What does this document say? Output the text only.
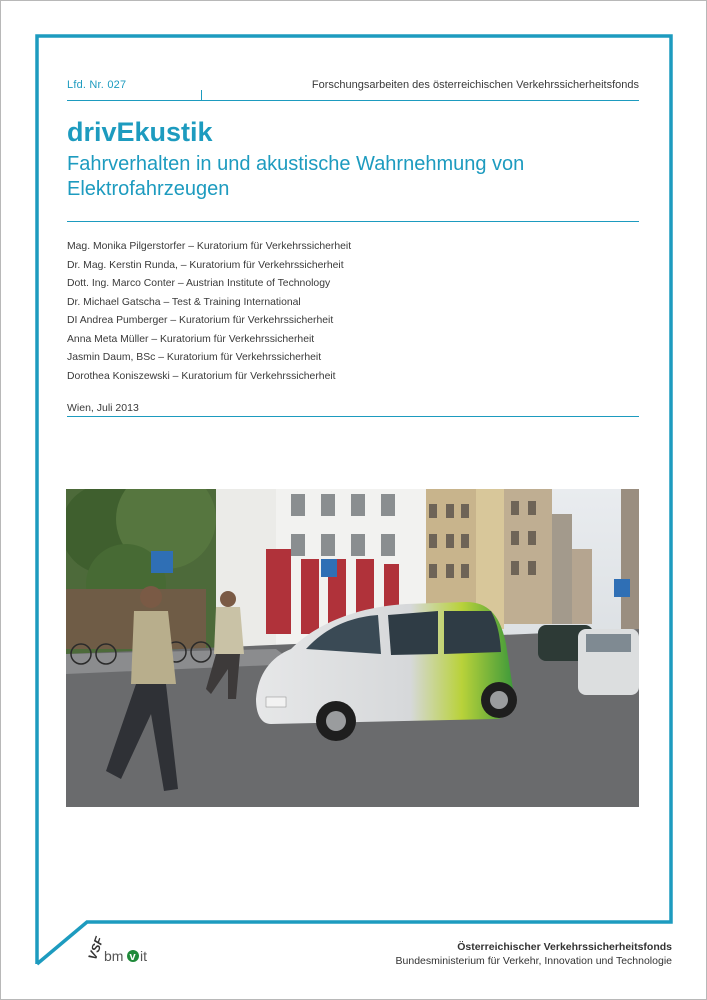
Lfd. Nr. 027	Forschungsarbeiten des österreichischen Verkehrssicherheitsfonds
drivEkustik
Fahrverhalten in und akustische Wahrnehmung von Elektrofahrzeugen
Mag. Monika Pilgerstorfer – Kuratorium für Verkehrssicherheit
Dr. Mag. Kerstin Runda, – Kuratorium für Verkehrssicherheit
Dott. Ing. Marco Conter – Austrian Institute of Technology
Dr. Michael Gatscha – Test & Training International
DI Andrea Pumberger – Kuratorium für Verkehrssicherheit
Anna Meta Müller – Kuratorium für Verkehrssicherheit
Jasmin Daum, BSc – Kuratorium für Verkehrssicherheit
Dorothea Koniszewski – Kuratorium für Verkehrssicherheit
Wien, Juli 2013
VSF
bm v it
Österreichischer Verkehrssicherheitsfonds
Bundesministerium für Verkehr, Innovation und Technologie
